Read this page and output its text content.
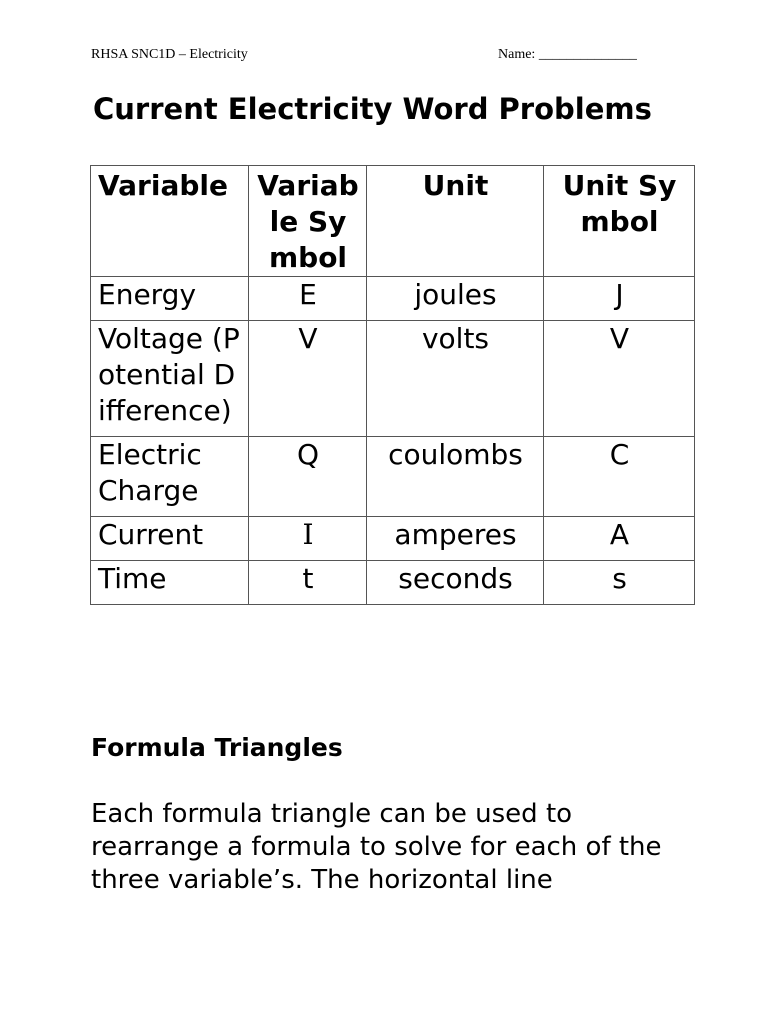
RHSA SNC1D – Electricity	Name: ______________
Current Electricity Word Problems
Variable	Variable Symbol	Unit	Unit Symbol
Energy	E	joules	J
Voltage (Potential Difference)	V	volts	V
Electric Charge	Q	coulombs	C
Current	I	amperes	A
Time	t	seconds	s
Formula Triangles

Each formula triangle can be used to rearrange a formula to solve for each of the three variable’s. The horizontal line
